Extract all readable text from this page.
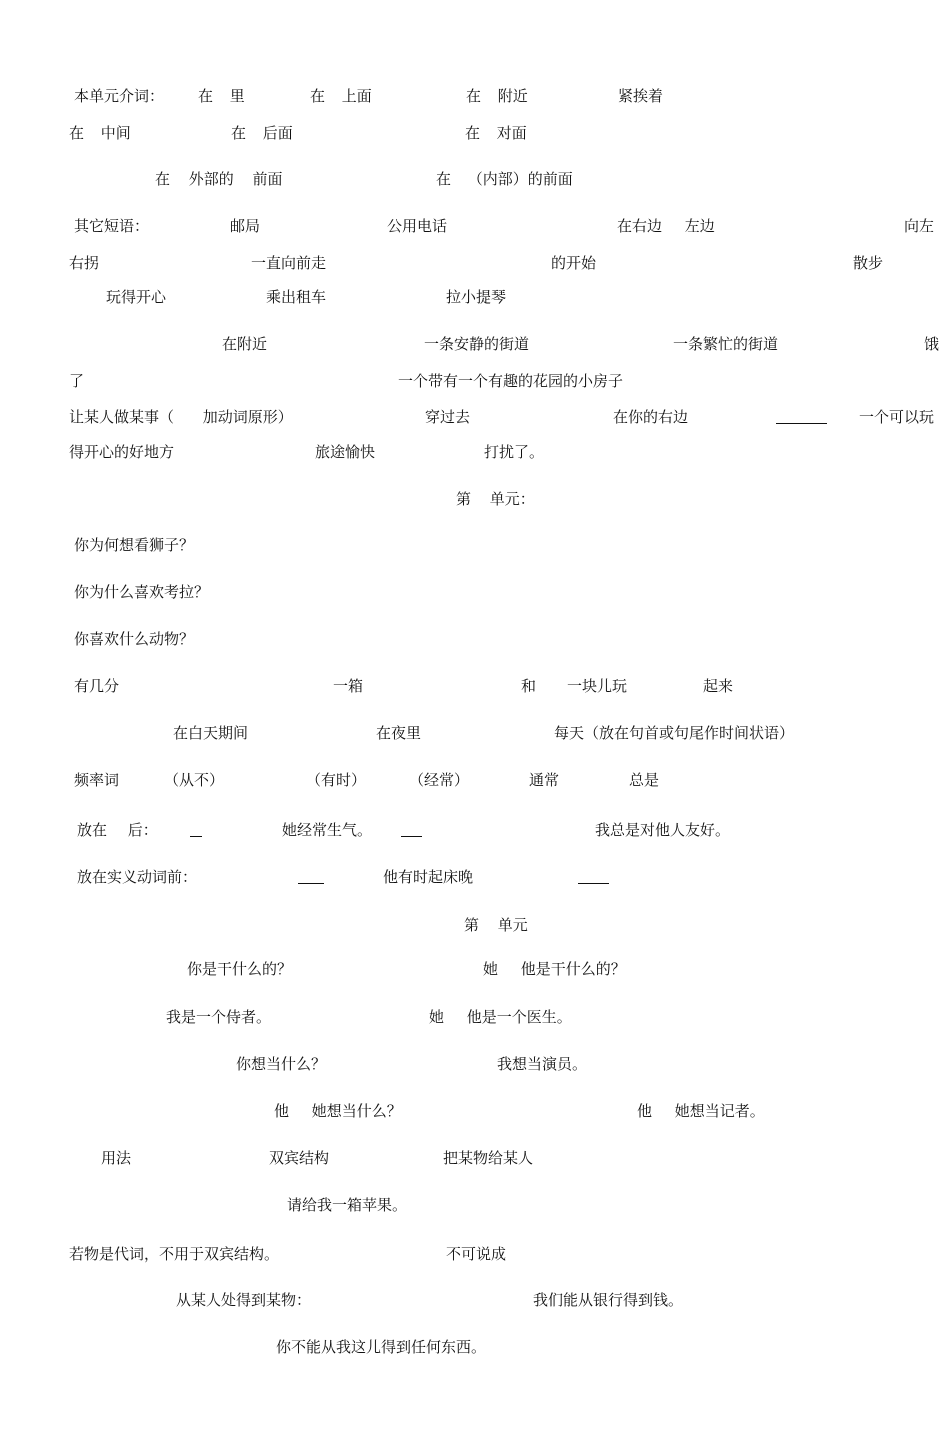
本单元介词： 在 里	在 上面	在 附近	紧挨着
在 中间	在 后面	在 对面
在 外部的 前面	在 （内部）的前面
其它短语：	邮局	公用电话	在右边 左边	向左
右拐	一直向前走	的开始	散步
玩得开心	乘出租车	拉小提琴
在附近	一条安静的街道	一条繁忙的街道	饿
了	一个带有一个有趣的花园的小房子
让某人做某事（ 加动词原形）	穿过去	在你的右边	一个可以玩
得开心的好地方	旅途愉快	打扰了。
第 单元：
你为何想看狮子？
你为什么喜欢考拉？
你喜欢什么动物？
有几分	一箱	和 一块儿玩	起来
在白天期间	在夜里	每天（放在句首或句尾作时间状语）
频率词	（从不）	（有时）	（经常）	通常	总是
放在 后：	她经常生气。	我总是对他人友好。
放在实义动词前：	他有时起床晚
第 单元
你是干什么的？	她 他是干什么的？
我是一个侍者。	她 他是一个医生。
你想当什么？	我想当演员。
他 她想当什么？	他 她想当记者。
用法	双宾结构	把某物给某人
请给我一箱苹果。
若物是代词，不用于双宾结构。	不可说成
从某人处得到某物：	我们能从银行得到钱。
你不能从我这儿得到任何东西。
